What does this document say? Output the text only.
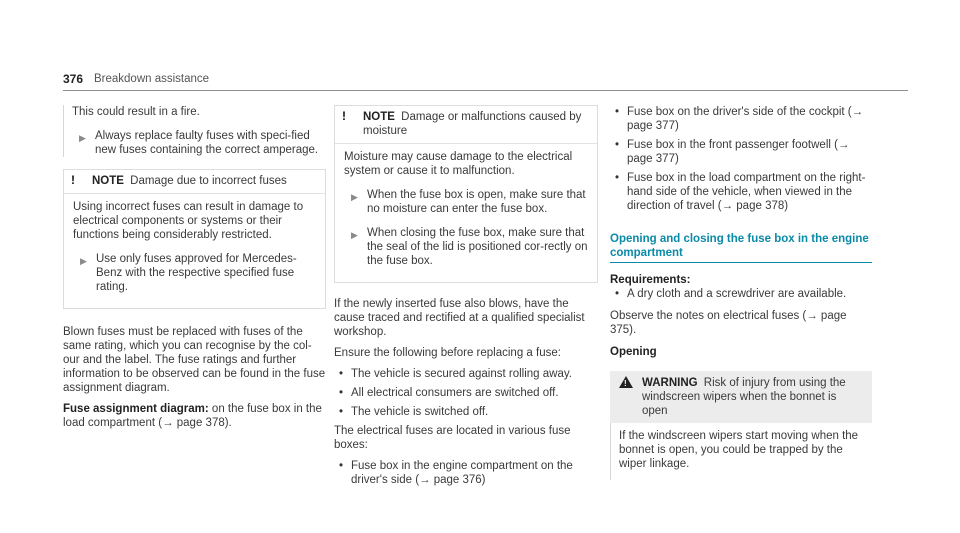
376 Breakdown assistance

This could result in a fire.

▶ Always replace faulty fuses with speci-fied new fuses containing the correct amperage.
! NOTE Damage due to incorrect fuses

Using incorrect fuses can result in damage to electrical components or systems or their functions being considerably restricted.

▶ Use only fuses approved for Mercedes-Benz with the respective specified fuse rating.

Blown fuses must be replaced with fuses of the same rating, which you can recognise by the col-our and the label. The fuse ratings and further information to be observed can be found in the fuse assignment diagram.

Fuse assignment diagram: on the fuse box in the load compartment (→ page 378).

! NOTE Damage or malfunctions caused by moisture

Moisture may cause damage to the electrical system or cause it to malfunction.

▶ When the fuse box is open, make sure that no moisture can enter the fuse box.
▶ When closing the fuse box, make sure that the seal of the lid is positioned cor-rectly on the fuse box.

If the newly inserted fuse also blows, have the cause traced and rectified at a qualified specialist workshop.

Ensure the following before replacing a fuse:

• The vehicle is secured against rolling away.
• All electrical consumers are switched off.
• The vehicle is switched off.

The electrical fuses are located in various fuse boxes:

• Fuse box in the engine compartment on the driver's side (→ page 376)
• Fuse box on the driver's side of the cockpit (→ page 377)
• Fuse box in the front passenger footwell (→ page 377)
• Fuse box in the load compartment on the right-hand side of the vehicle, when viewed in the direction of travel (→ page 378)
Opening and closing the fuse box in the engine compartment
Requirements:
• A dry cloth and a screwdriver are available.

Observe the notes on electrical fuses (→ page 375).

Opening
!
WARNING Risk of injury from using the windscreen wipers when the bonnet is open

If the windscreen wipers start moving when the bonnet is open, you could be trapped by the wiper linkage.
